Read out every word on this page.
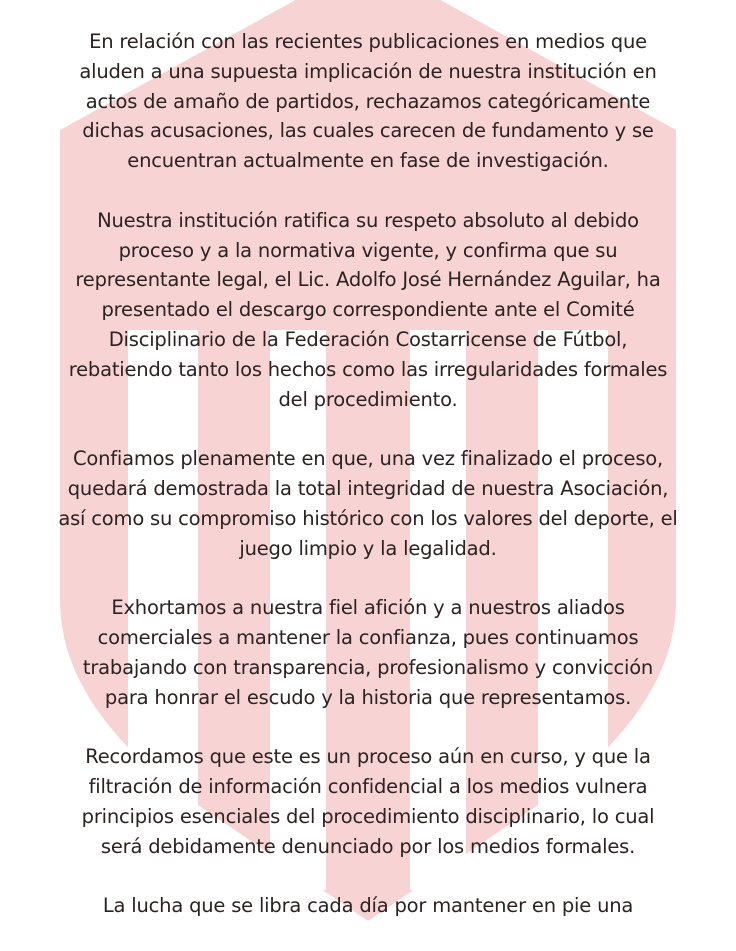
En relación con las recientes publicaciones en medios que
aluden a una supuesta implicación de nuestra institución en
actos de amaño de partidos, rechazamos categóricamente
dichas acusaciones, las cuales carecen de fundamento y se
encuentran actualmente en fase de investigación.

Nuestra institución ratifica su respeto absoluto al debido
proceso y a la normativa vigente, y confirma que su
representante legal, el Lic. Adolfo José Hernández Aguilar, ha
presentado el descargo correspondiente ante el Comité
Disciplinario de la Federación Costarricense de Fútbol,
rebatiendo tanto los hechos como las irregularidades formales
del procedimiento.

Confiamos plenamente en que, una vez finalizado el proceso,
quedará demostrada la total integridad de nuestra Asociación,
así como su compromiso histórico con los valores del deporte, el
juego limpio y la legalidad.

Exhortamos a nuestra fiel afición y a nuestros aliados
comerciales a mantener la confianza, pues continuamos
trabajando con transparencia, profesionalismo y convicción
para honrar el escudo y la historia que representamos.

Recordamos que este es un proceso aún en curso, y que la
filtración de información confidencial a los medios vulnera
principios esenciales del procedimiento disciplinario, lo cual
será debidamente denunciado por los medios formales.

La lucha que se libra cada día por mantener en pie una
